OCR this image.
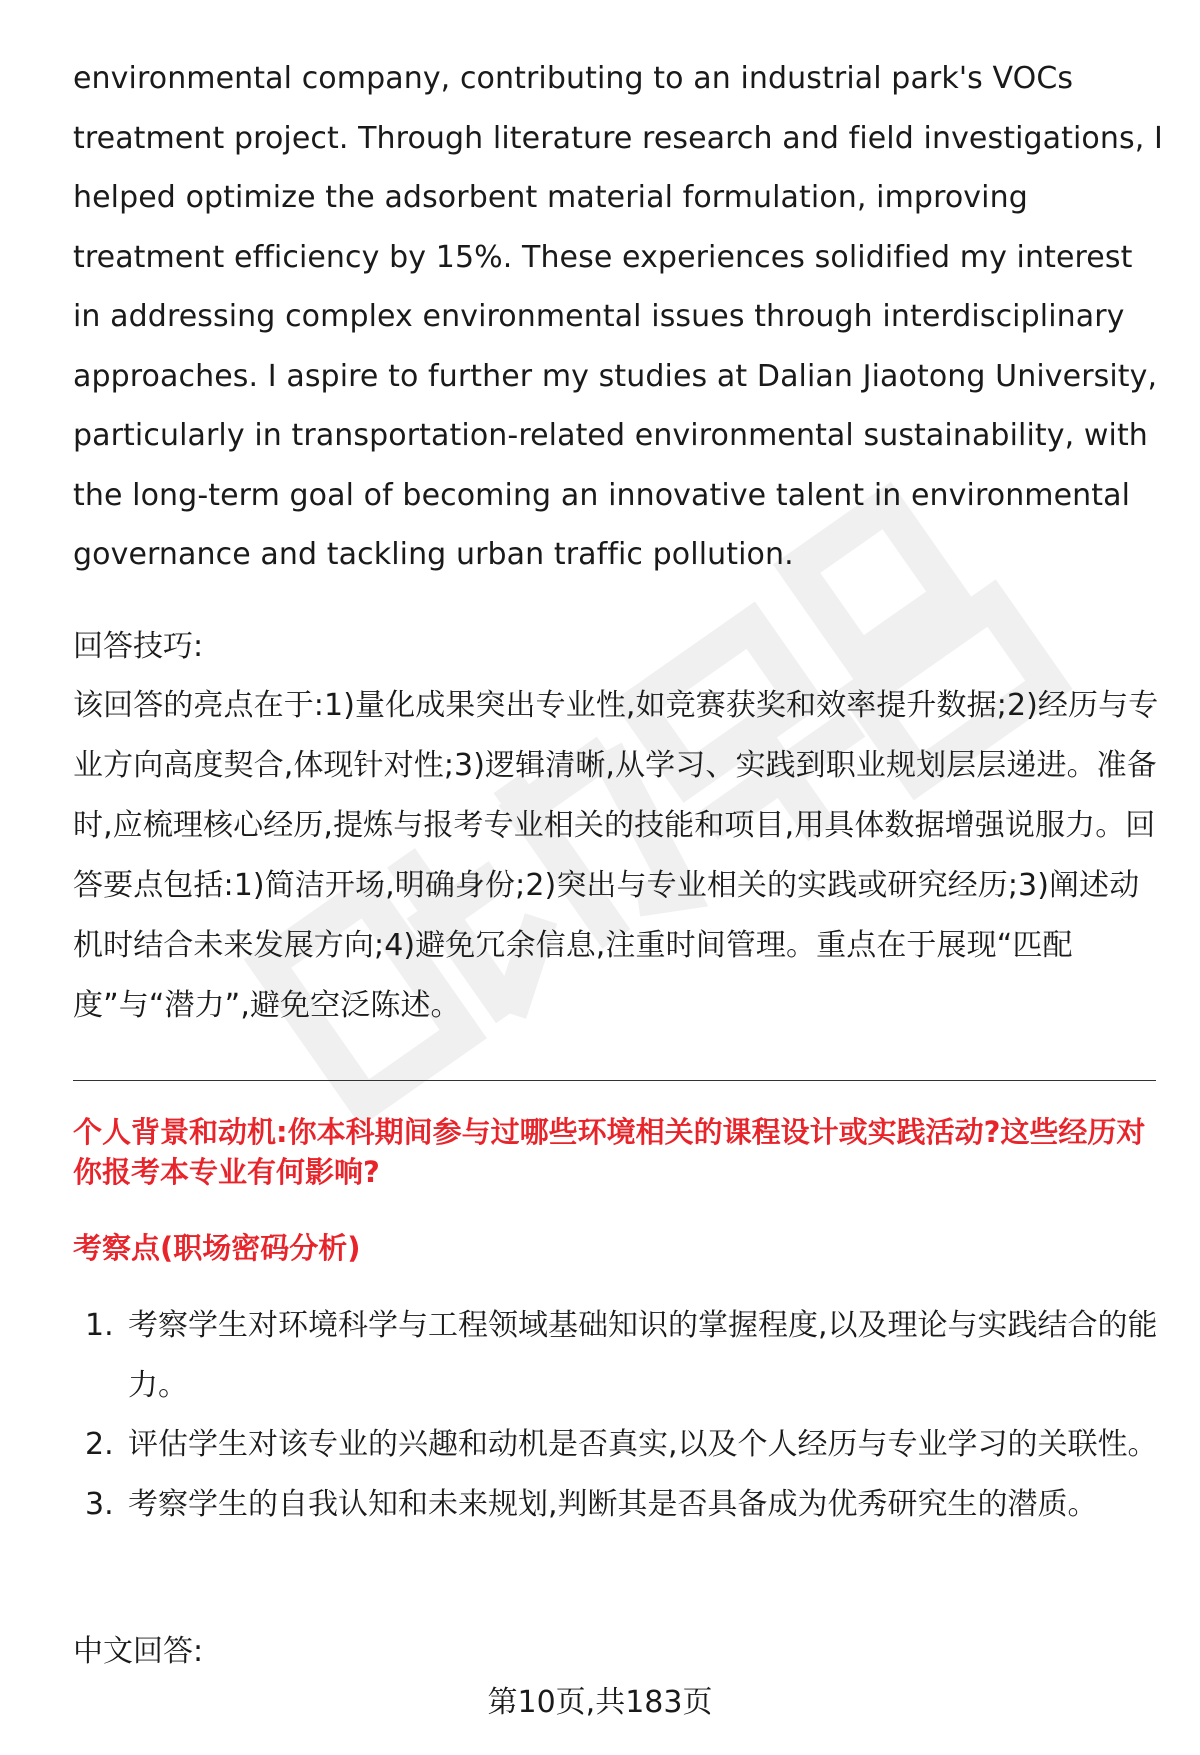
environmental company, contributing to an industrial park's VOCs treatment project. Through literature research and field investigations, I helped optimize the adsorbent material formulation, improving treatment efficiency by 15%. These experiences solidified my interest in addressing complex environmental issues through interdisciplinary approaches. I aspire to further my studies at Dalian Jiaotong University, particularly in transportation-related environmental sustainability, with the long-term goal of becoming an innovative talent in environmental governance and tackling urban traffic pollution.

回答技巧:

该回答的亮点在于:1)量化成果突出专业性,如竞赛获奖和效率提升数据;2)经历与专业方向高度契合,体现针对性;3)逻辑清晰,从学习、实践到职业规划层层递进。准备时,应梳理核心经历,提炼与报考专业相关的技能和项目,用具体数据增强说服力。回答要点包括:1)简洁开场,明确身份;2)突出与专业相关的实践或研究经历;3)阐述动机时结合未来发展方向;4)避免冗余信息,注重时间管理。重点在于展现“匹配度”与“潜力”,避免空泛陈述。

个人背景和动机:你本科期间参与过哪些环境相关的课程设计或实践活动?这些经历对你报考本专业有何影响?

考察点(职场密码分析)

1. 考察学生对环境科学与工程领域基础知识的掌握程度,以及理论与实践结合的能力。
2. 评估学生对该专业的兴趣和动机是否真实,以及个人经历与专业学习的关联性。
3. 考察学生的自我认知和未来规划,判断其是否具备成为优秀研究生的潜质。

中文回答:

第10页,共183页
